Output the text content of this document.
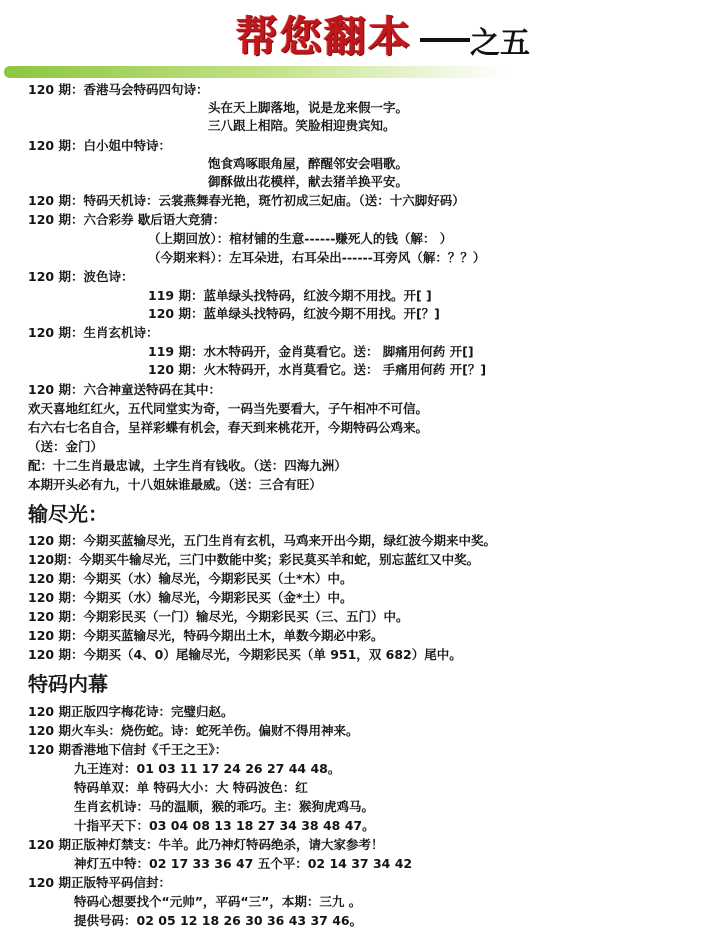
帮您翻本 之五
120 期：香港马会特码四句诗：
头在天上脚落地，说是龙来假一字。
三八跟上相陪。笑脸相迎贵宾知。
120 期：白小姐中特诗：
饱食鸡啄眼角屋，醉醒邻安会唱歌。
御酥做出花模样，献去猪羊换平安。
120 期：特码天机诗：云裳燕舞春光艳，斑竹初成三妃庙。（送：十六脚好码）
120 期：六合彩券 歇后语大竞猜：
（上期回放）：棺材铺的生意------赚死人的钱（解： ）
（今期来料）：左耳朵进，右耳朵出------耳旁风（解：？？）
120 期：波色诗：
119 期：蓝单绿头找特码，红波今期不用找。开[ ]
120 期：蓝单绿头找特码，红波今期不用找。开[？]
120 期：生肖玄机诗：
119 期：水木特码开，金肖莫看它。送： 脚痛用何药 开[]
120 期：火木特码开，水肖莫看它。送： 手痛用何药 开[？]
120 期：六合神童送特码在其中：
欢天喜地红红火，五代同堂实为奇，一码当先要看大，子午相冲不可信。
右六右七名自合，呈祥彩蝶有机会，春天到来桃花开，今期特码公鸡来。
（送：金门）
配：十二生肖最忠诚，土字生肖有钱收。（送：四海九洲）
本期开头必有九，十八姐妹谁最威。（送：三合有旺）
输尽光：
120 期：今期买蓝输尽光，五门生肖有玄机，马鸡来开出今期，绿红波今期来中奖。
120期：今期买牛输尽光，三门中数能中奖；彩民莫买羊和蛇，别忘蓝红又中奖。
120 期：今期买（水）输尽光，今期彩民买（土*木）中。
120 期：今期买（水）输尽光，今期彩民买（金*土）中。
120 期：今期彩民买（一门）输尽光，今期彩民买（三、五门）中。
120 期：今期买蓝输尽光，特码今期出土木，单数今期必中彩。
120 期：今期买（4、0）尾输尽光，今期彩民买（单 951，双 682）尾中。
特码内幕
120 期正版四字梅花诗：完璧归赵。
120 期火车头：烧伤蛇。诗：蛇死羊伤。偏财不得用神来。
120 期香港地下信封《千王之王》：
九王连对：01 03 11 17 24 26 27 44 48。
特码单双：单 特码大小：大 特码波色：红
生肖玄机诗：马的温顺，猴的乖巧。主：猴狗虎鸡马。
十指平天下：03 04 08 13 18 27 34 38 48 47。
120 期正版神灯禁支：牛羊。此乃神灯特码绝杀，请大家参考！
神灯五中特：02 17 33 36 47 五个平：02 14 37 34 42
120 期正版特平码信封：
特码心想要找个“元帅”，平码“三”，本期：三九 。
提供号码：02 05 12 18 26 30 36 43 37 46。
